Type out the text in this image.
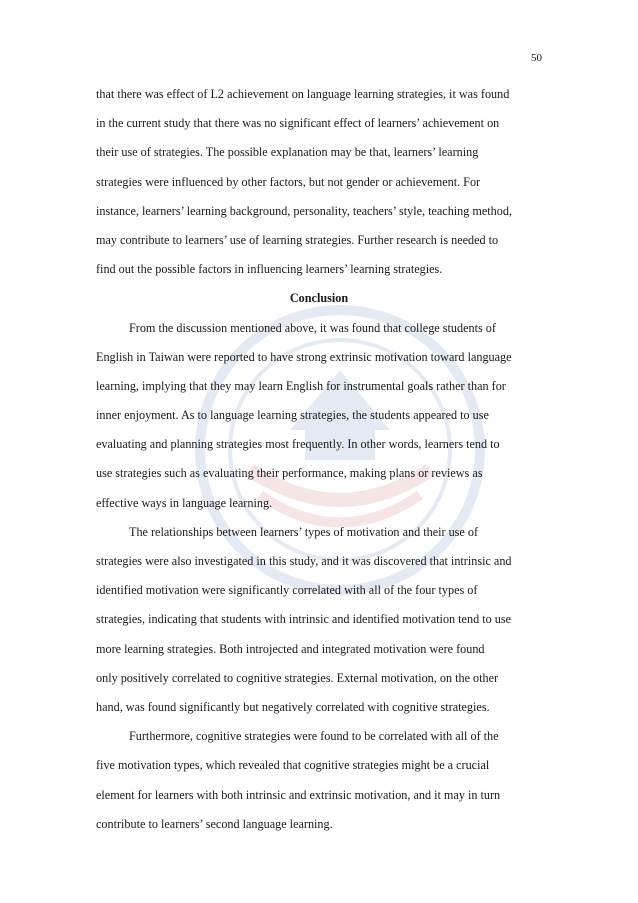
50
that there was effect of L2 achievement on language learning strategies, it was found
in the current study that there was no significant effect of learners’ achievement on
their use of strategies. The possible explanation may be that, learners’ learning
strategies were influenced by other factors, but not gender or achievement. For
instance, learners’ learning background, personality, teachers’ style, teaching method,
may contribute to learners’ use of learning strategies. Further research is needed to
find out the possible factors in influencing learners’ learning strategies.
Conclusion
From the discussion mentioned above, it was found that college students of
English in Taiwan were reported to have strong extrinsic motivation toward language
learning, implying that they may learn English for instrumental goals rather than for
inner enjoyment. As to language learning strategies, the students appeared to use
evaluating and planning strategies most frequently. In other words, learners tend to
use strategies such as evaluating their performance, making plans or reviews as
effective ways in language learning.
The relationships between learners’ types of motivation and their use of
strategies were also investigated in this study, and it was discovered that intrinsic and
identified motivation were significantly correlated with all of the four types of
strategies, indicating that students with intrinsic and identified motivation tend to use
more learning strategies. Both introjected and integrated motivation were found
only positively correlated to cognitive strategies. External motivation, on the other
hand, was found significantly but negatively correlated with cognitive strategies.
Furthermore, cognitive strategies were found to be correlated with all of the
five motivation types, which revealed that cognitive strategies might be a crucial
element for learners with both intrinsic and extrinsic motivation, and it may in turn
contribute to learners’ second language learning.
